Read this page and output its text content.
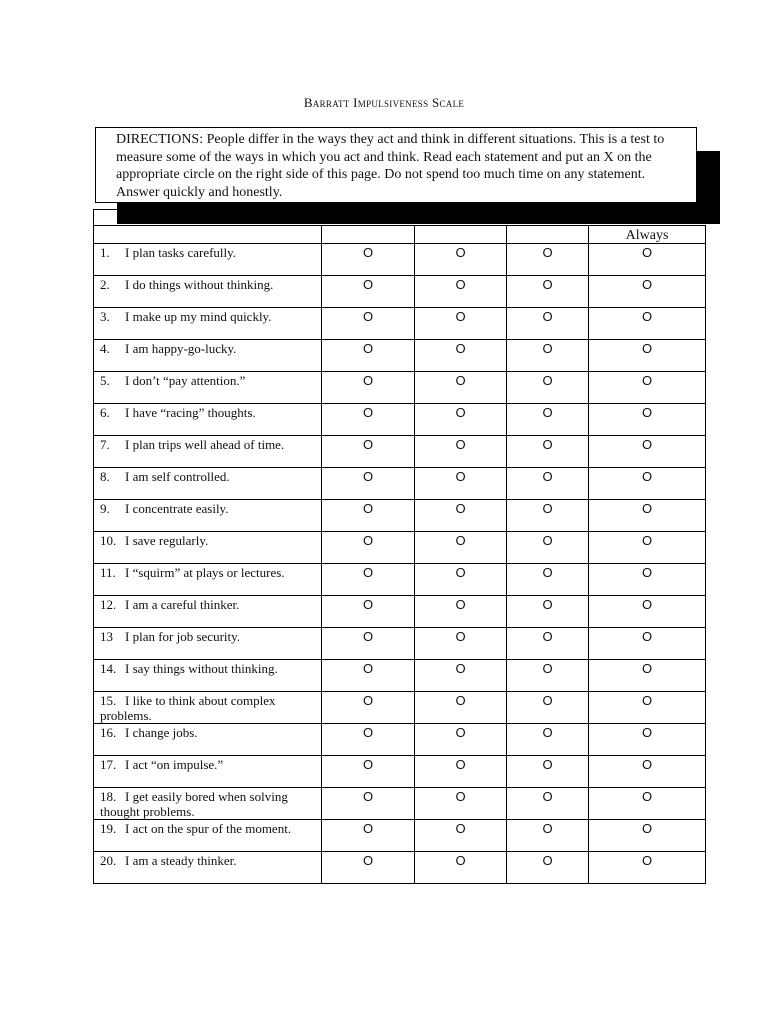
Barratt Impulsiveness Scale
DIRECTIONS: People differ in the ways they act and think in different situations. This is a test to measure some of the ways in which you act and think. Read each statement and put an X on the appropriate circle on the right side of this page. Do not spend too much time on any statement. Answer quickly and honestly.

				Always
1. I plan tasks carefully.	O	O	O	O
2. I do things without thinking.	O	O	O	O
3. I make up my mind quickly.	O	O	O	O
4. I am happy-go-lucky.	O	O	O	O
5. I don’t “pay attention.”	O	O	O	O
6. I have “racing” thoughts.	O	O	O	O
7. I plan trips well ahead of time.	O	O	O	O
8. I am self controlled.	O	O	O	O
9. I concentrate easily.	O	O	O	O
10. I save regularly.	O	O	O	O
11. I “squirm” at plays or lectures.	O	O	O	O
12. I am a careful thinker.	O	O	O	O
13 I plan for job security.	O	O	O	O
14. I say things without thinking.	O	O	O	O
15. I like to think about complex problems.	O	O	O	O
16. I change jobs.	O	O	O	O
17. I act “on impulse.”	O	O	O	O
18. I get easily bored when solving thought problems.	O	O	O	O
19. I act on the spur of the moment.	O	O	O	O
20. I am a steady thinker.	O	O	O	O
